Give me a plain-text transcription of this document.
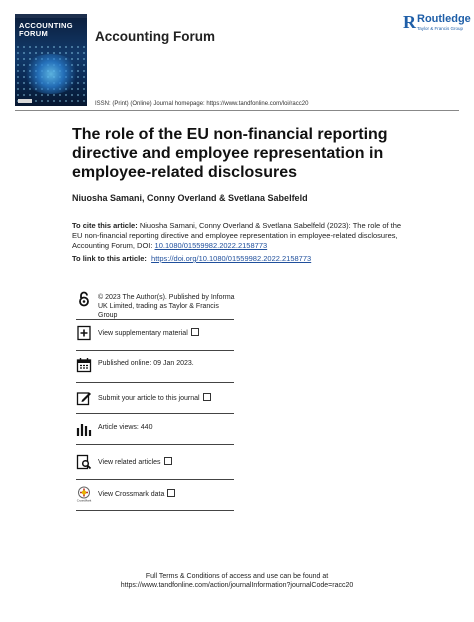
ACCOUNTING FORUM	Accounting Forum
R Routledge
Taylor & Francis Group
ISSN: (Print) (Online) Journal homepage: https://www.tandfonline.com/loi/racc20
The role of the EU non-financial reporting directive and employee representation in employee-related disclosures
Niuosha Samani, Conny Overland & Svetlana Sabelfeld
To cite this article: Niuosha Samani, Conny Overland & Svetlana Sabelfeld (2023): The role of the EU non-financial reporting directive and employee representation in employee-related disclosures, Accounting Forum, DOI: 10.1080/01559982.2022.2158773
To link to this article: https://doi.org/10.1080/01559982.2022.2158773
© 2023 The Author(s). Published by Informa UK Limited, trading as Taylor & Francis Group
View supplementary material
Published online: 09 Jan 2023.
Submit your article to this journal
Article views: 440
View related articles
CrossMark
View Crossmark data
Full Terms & Conditions of access and use can be found at
https://www.tandfonline.com/action/journalInformation?journalCode=racc20
